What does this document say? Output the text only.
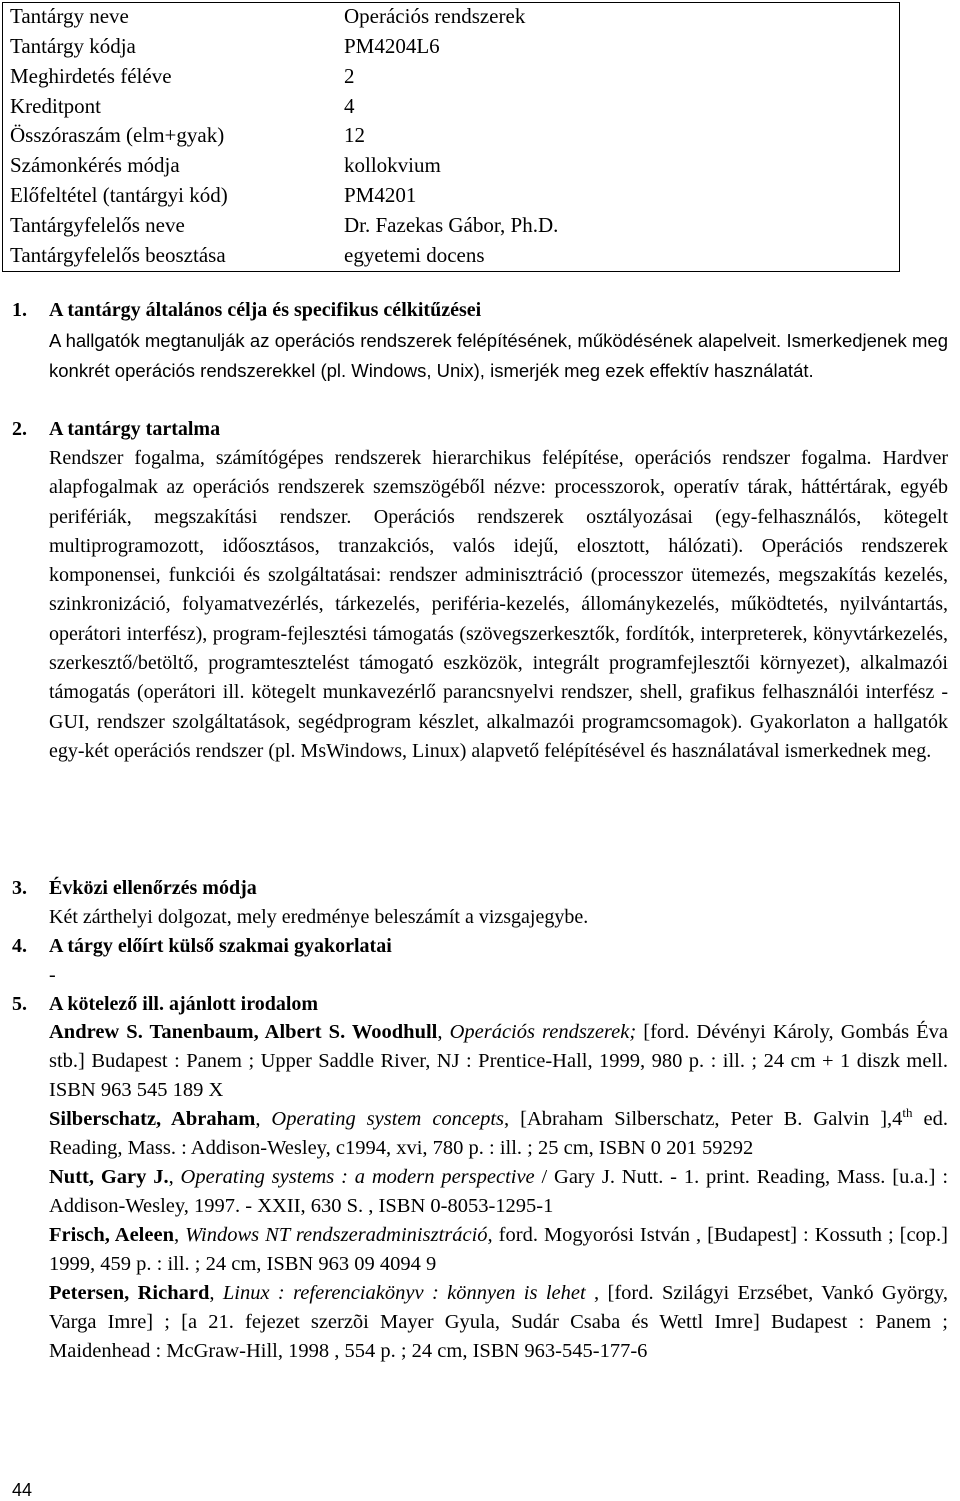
Tantárgy neve	Operációs rendszerek
Tantárgy kódja	PM4204L6
Meghirdetés féléve	2
Kreditpont	4
Összóraszám (elm+gyak)	12
Számonkérés módja	kollokvium
Előfeltétel (tantárgyi kód)	PM4201
Tantárgyfelelős neve	Dr. Fazekas Gábor, Ph.D.
Tantárgyfelelős beosztása	egyetemi docens
1. A tantárgy általános célja és specifikus célkitűzései
A hallgatók megtanulják az operációs rendszerek felépítésének, működésének alapelveit. Ismerkedjenek meg konkrét operációs rendszerekkel (pl. Windows, Unix), ismerjék meg ezek effektív használatát.
2. A tantárgy tartalma
Rendszer fogalma, számítógépes rendszerek hierarchikus felépítése, operációs rendszer fogalma. Hardver alapfogalmak az operációs rendszerek szemszögéből nézve: processzorok, operatív tárak, háttértárak, egyéb perifériák, megszakítási rendszer. Operációs rendszerek osztályozásai (egy-felhasználós, kötegelt multiprogramozott, időosztásos, tranzakciós, valós idejű, elosztott, hálózati). Operációs rendszerek komponensei, funkciói és szolgáltatásai: rendszer adminisztráció (processzor ütemezés, megszakítás kezelés, szinkronizáció, folyamatvezérlés, tárkezelés, periféria-kezelés, állománykezelés, működtetés, nyilvántartás, operátori interfész), program-fejlesztési támogatás (szövegszerkesztők, fordítók, interpreterek, könyvtárkezelés, szerkesztő/betöltő, programtesztelést támogató eszközök, integrált programfejlesztői környezet), alkalmazói támogatás (operátori ill. kötegelt munkavezérlő parancsnyelvi rendszer, shell, grafikus felhasználói interfész - GUI, rendszer szolgáltatások, segédprogram készlet, alkalmazói programcsomagok). Gyakorlaton a hallgatók egy-két operációs rendszer (pl. MsWindows, Linux) alapvető felépítésével és használatával ismerkednek meg.
3. Évközi ellenőrzés módja
Két zárthelyi dolgozat, mely eredménye beleszámít a vizsgajegybe.
4. A tárgy előírt külső szakmai gyakorlatai
-
5. A kötelező ill. ajánlott irodalom
Andrew S. Tanenbaum, Albert S. Woodhull, Operációs rendszerek; [ford. Dévényi Károly, Gombás Éva stb.] Budapest : Panem ; Upper Saddle River, NJ : Prentice-Hall, 1999, 980 p. : ill. ; 24 cm + 1 diszk mell. ISBN 963 545 189 X
Silberschatz, Abraham, Operating system concepts, [Abraham Silberschatz, Peter B. Galvin ],4th ed. Reading, Mass. : Addison-Wesley, c1994, xvi, 780 p. : ill. ; 25 cm, ISBN 0 201 59292
Nutt, Gary J., Operating systems : a modern perspective / Gary J. Nutt. - 1. print. Reading, Mass. [u.a.] : Addison-Wesley, 1997. - XXII, 630 S. , ISBN 0-8053-1295-1
Frisch, Aeleen, Windows NT rendszeradminisztráció, ford. Mogyorósi István , [Budapest] : Kossuth ; [cop.] 1999, 459 p. : ill. ; 24 cm, ISBN 963 09 4094 9
Petersen, Richard, Linux : referenciakönyv : könnyen is lehet , [ford. Szilágyi Erzsébet, Vankó György, Varga Imre] ; [a 21. fejezet szerzõi Mayer Gyula, Sudár Csaba és Wettl Imre] Budapest : Panem ; Maidenhead : McGraw-Hill, 1998 , 554 p. ; 24 cm, ISBN 963-545-177-6
44
